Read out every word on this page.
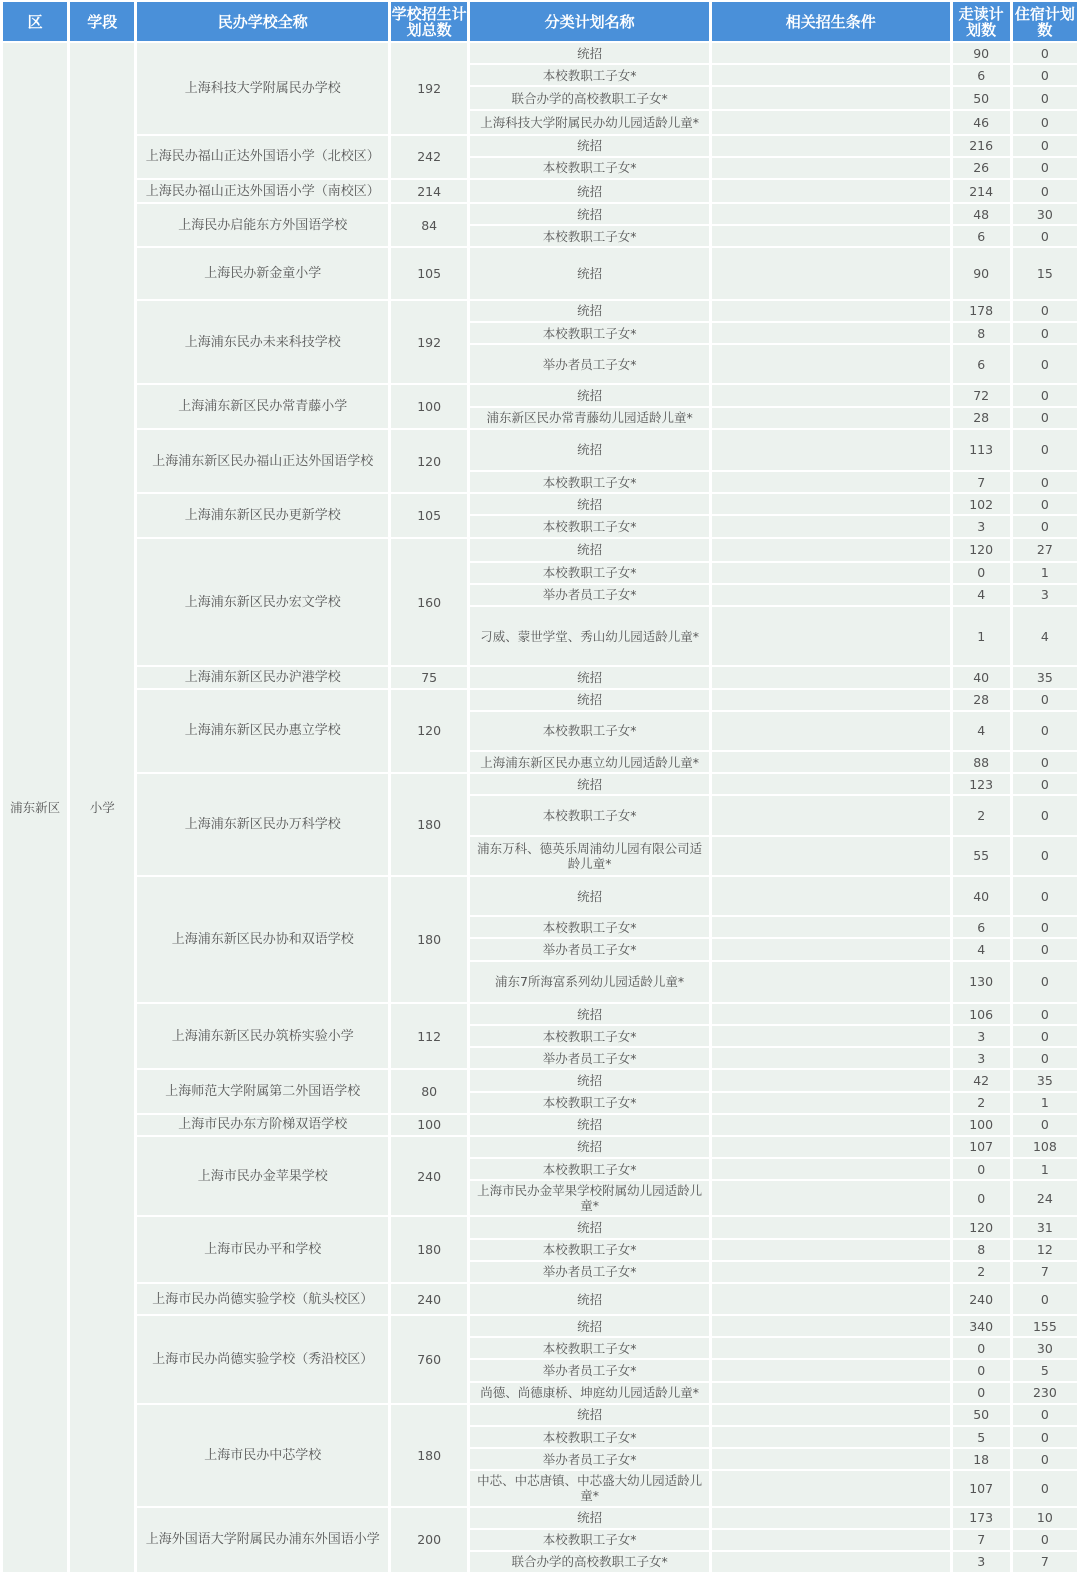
区	学段	民办学校全称	学校招生计划总数	分类计划名称	相关招生条件	走读计划数	住宿计划数
浦东新区	小学	上海科技大学附属民办学校	192	统招		90	0
				本校教职工子女*		6	0
				联合办学的高校教职工子女*		50	0
				上海科技大学附属民办幼儿园适龄儿童*		46	0
		上海民办福山正达外国语小学（北校区）	242	统招		216	0
				本校教职工子女*		26	0
		上海民办福山正达外国语小学（南校区）	214	统招		214	0
		上海民办启能东方外国语学校	84	统招		48	30
				本校教职工子女*		6	0
		上海民办新金童小学	105	统招		90	15
		上海浦东民办未来科技学校	192	统招		178	0
				本校教职工子女*		8	0
				举办者员工子女*		6	0
		上海浦东新区民办常青藤小学	100	统招		72	0
				浦东新区民办常青藤幼儿园适龄儿童*		28	0
		上海浦东新区民办福山正达外国语学校	120	统招		113	0
				本校教职工子女*		7	0
		上海浦东新区民办更新学校	105	统招		102	0
				本校教职工子女*		3	0
		上海浦东新区民办宏文学校	160	统招		120	27
				本校教职工子女*		0	1
				举办者员工子女*		4	3
				刁威、蒙世学堂、秀山幼儿园适龄儿童*		1	4
		上海浦东新区民办沪港学校	75	统招		40	35
		上海浦东新区民办惠立学校	120	统招		28	0
				本校教职工子女*		4	0
				上海浦东新区民办惠立幼儿园适龄儿童*		88	0
		上海浦东新区民办万科学校	180	统招		123	0
				本校教职工子女*		2	0
				浦东万科、德英乐周浦幼儿园有限公司适龄儿童*		55	0
		上海浦东新区民办协和双语学校	180	统招		40	0
				本校教职工子女*		6	0
				举办者员工子女*		4	0
				浦东7所海富系列幼儿园适龄儿童*		130	0
		上海浦东新区民办筑桥实验小学	112	统招		106	0
				本校教职工子女*		3	0
				举办者员工子女*		3	0
		上海师范大学附属第二外国语学校	80	统招		42	35
				本校教职工子女*		2	1
		上海市民办东方阶梯双语学校	100	统招		100	0
		上海市民办金苹果学校	240	统招		107	108
				本校教职工子女*		0	1
				上海市民办金苹果学校附属幼儿园适龄儿童*		0	24
		上海市民办平和学校	180	统招		120	31
				本校教职工子女*		8	12
				举办者员工子女*		2	7
		上海市民办尚德实验学校（航头校区）	240	统招		240	0
		上海市民办尚德实验学校（秀沿校区）	760	统招		340	155
				本校教职工子女*		0	30
				举办者员工子女*		0	5
				尚德、尚德康桥、坤庭幼儿园适龄儿童*		0	230
		上海市民办中芯学校	180	统招		50	0
				本校教职工子女*		5	0
				举办者员工子女*		18	0
				中芯、中芯唐镇、中芯盛大幼儿园适龄儿童*		107	0
		上海外国语大学附属民办浦东外国语小学	200	统招		173	10
				本校教职工子女*		7	0
				联合办学的高校教职工子女*		3	7
